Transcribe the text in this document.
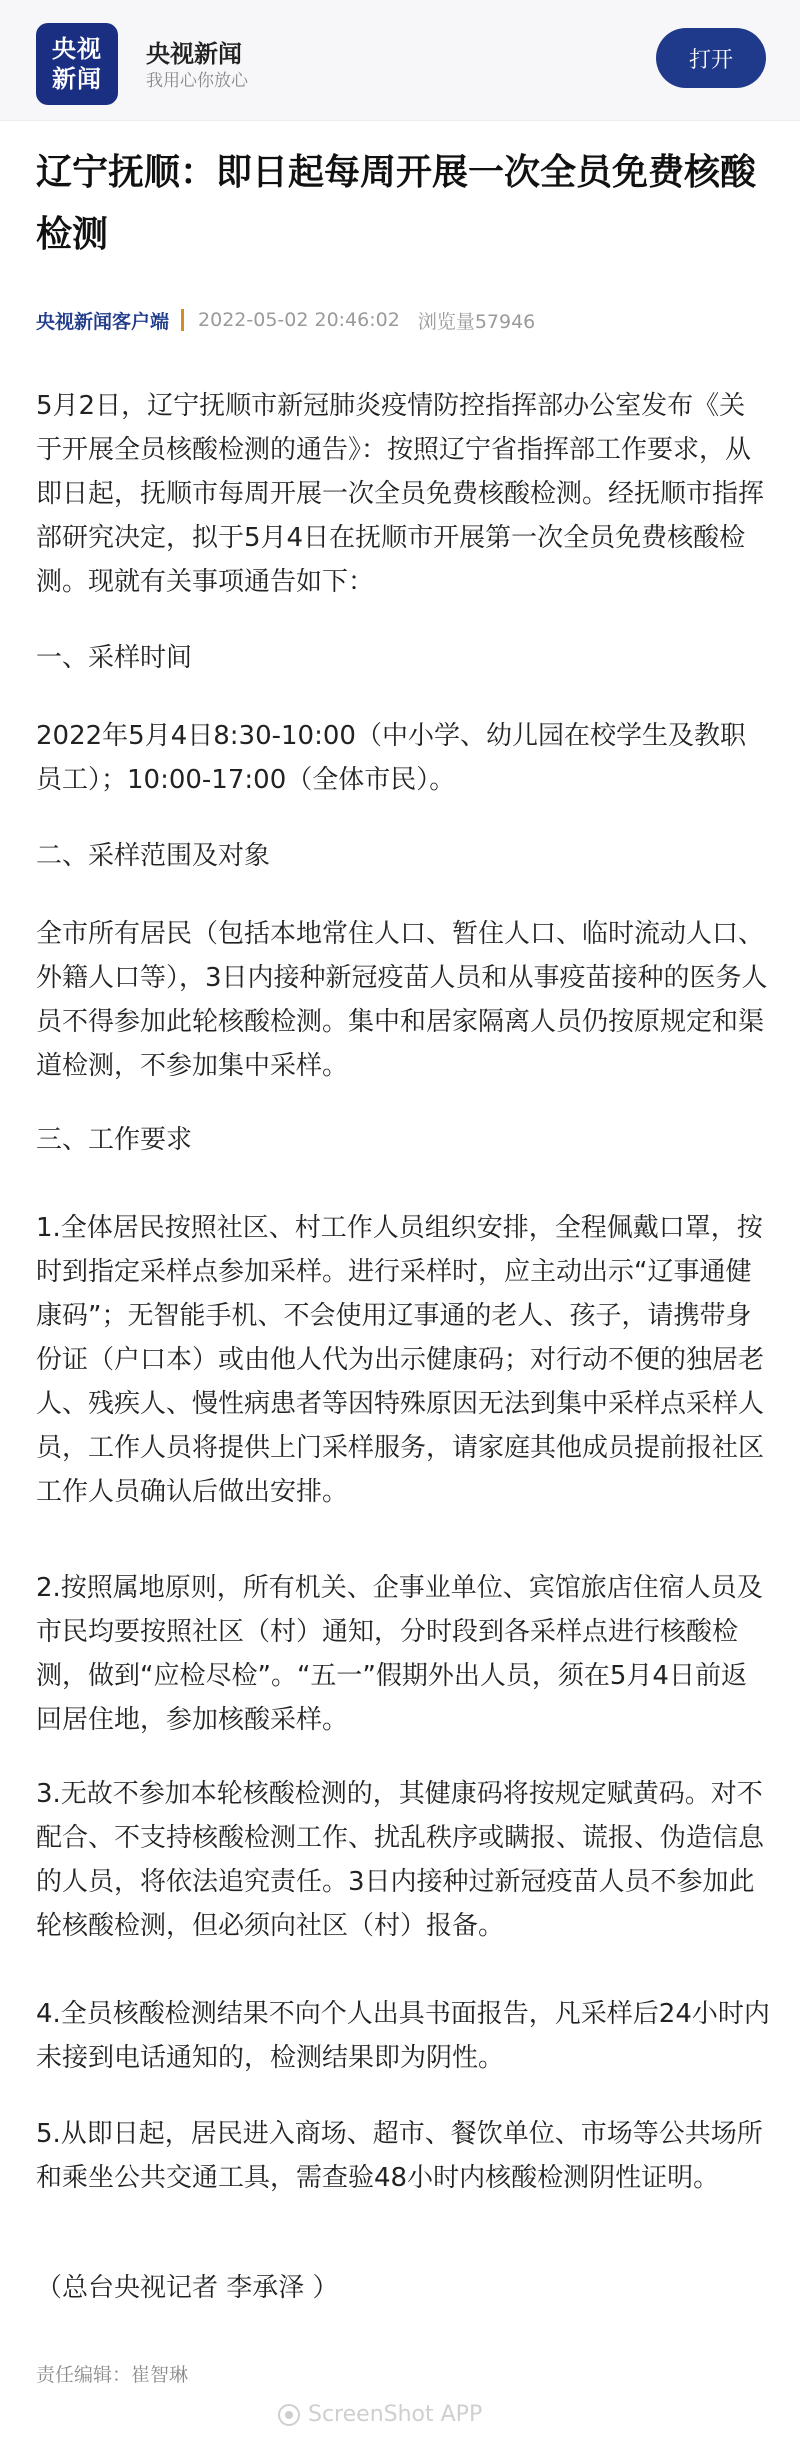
央视
新闻
央视新闻
我用心你放心
打开
辽宁抚顺：即日起每周开展一次全员免费核酸检测
央视新闻客户端 2022-05-02 20:46:02 浏览量57946
5月2日，辽宁抚顺市新冠肺炎疫情防控指挥部办公室发布《关于开展全员核酸检测的通告》：按照辽宁省指挥部工作要求，从即日起，抚顺市每周开展一次全员免费核酸检测。经抚顺市指挥部研究决定，拟于5月4日在抚顺市开展第一次全员免费核酸检测。现就有关事项通告如下：
一、采样时间
2022年5月4日8:30-10:00（中小学、幼儿园在校学生及教职员工）；10:00-17:00（全体市民）。
二、采样范围及对象
全市所有居民（包括本地常住人口、暂住人口、临时流动人口、外籍人口等），3日内接种新冠疫苗人员和从事疫苗接种的医务人员不得参加此轮核酸检测。集中和居家隔离人员仍按原规定和渠道检测，不参加集中采样。
三、工作要求
1.全体居民按照社区、村工作人员组织安排，全程佩戴口罩，按时到指定采样点参加采样。进行采样时，应主动出示“辽事通健康码”；无智能手机、不会使用辽事通的老人、孩子，请携带身份证（户口本）或由他人代为出示健康码；对行动不便的独居老人、残疾人、慢性病患者等因特殊原因无法到集中采样点采样人员，工作人员将提供上门采样服务，请家庭其他成员提前报社区工作人员确认后做出安排。
2.按照属地原则，所有机关、企事业单位、宾馆旅店住宿人员及市民均要按照社区（村）通知，分时段到各采样点进行核酸检测，做到“应检尽检”。“五一”假期外出人员，须在5月4日前返回居住地，参加核酸采样。
3.无故不参加本轮核酸检测的，其健康码将按规定赋黄码。对不配合、不支持核酸检测工作、扰乱秩序或瞒报、谎报、伪造信息的人员，将依法追究责任。3日内接种过新冠疫苗人员不参加此轮核酸检测，但必须向社区（村）报备。
4.全员核酸检测结果不向个人出具书面报告，凡采样后24小时内未接到电话通知的，检测结果即为阴性。
5.从即日起，居民进入商场、超市、餐饮单位、市场等公共场所和乘坐公共交通工具，需查验48小时内核酸检测阴性证明。
（总台央视记者 李承泽 ）
责任编辑：崔智琳
ScreenShot APP
